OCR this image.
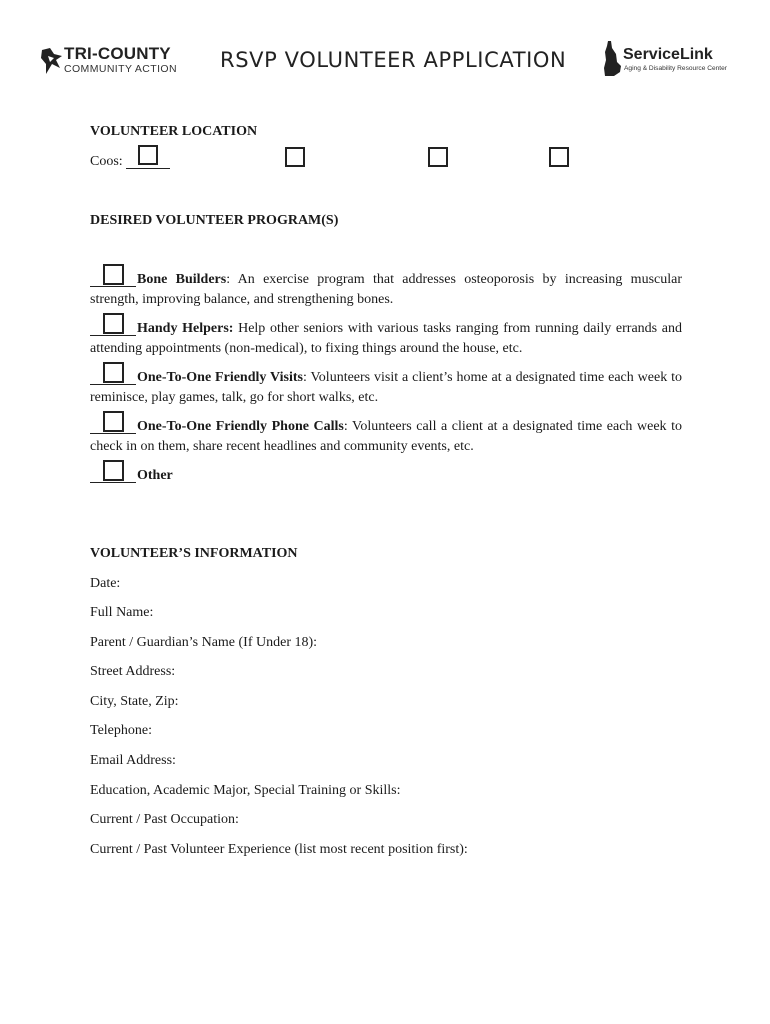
TRI-COUNTY
COMMUNITY ACTION RSVP VOLUNTEER APPLICATION	ServiceLink
Aging & Disability Resource Center
VOLUNTEER LOCATION
Coos:
DESIRED VOLUNTEER PROGRAM(S)
Bone Builders: An exercise program that addresses osteoporosis by increasing muscular strength, improving balance, and strengthening bones.
Handy Helpers: Help other seniors with various tasks ranging from running daily errands and attending appointments (non-medical), to fixing things around the house, etc.
One-To-One Friendly Visits: Volunteers visit a client’s home at a designated time each week to reminisce, play games, talk, go for short walks, etc.
One-To-One Friendly Phone Calls: Volunteers call a client at a designated time each week to check in on them, share recent headlines and community events, etc.
Other
VOLUNTEER’S INFORMATION
Date:
Full Name:
Parent / Guardian’s Name (If Under 18):
Street Address:
City, State, Zip:
Telephone:
Email Address:
Education, Academic Major, Special Training or Skills:
Current / Past Occupation:
Current / Past Volunteer Experience (list most recent position first):
